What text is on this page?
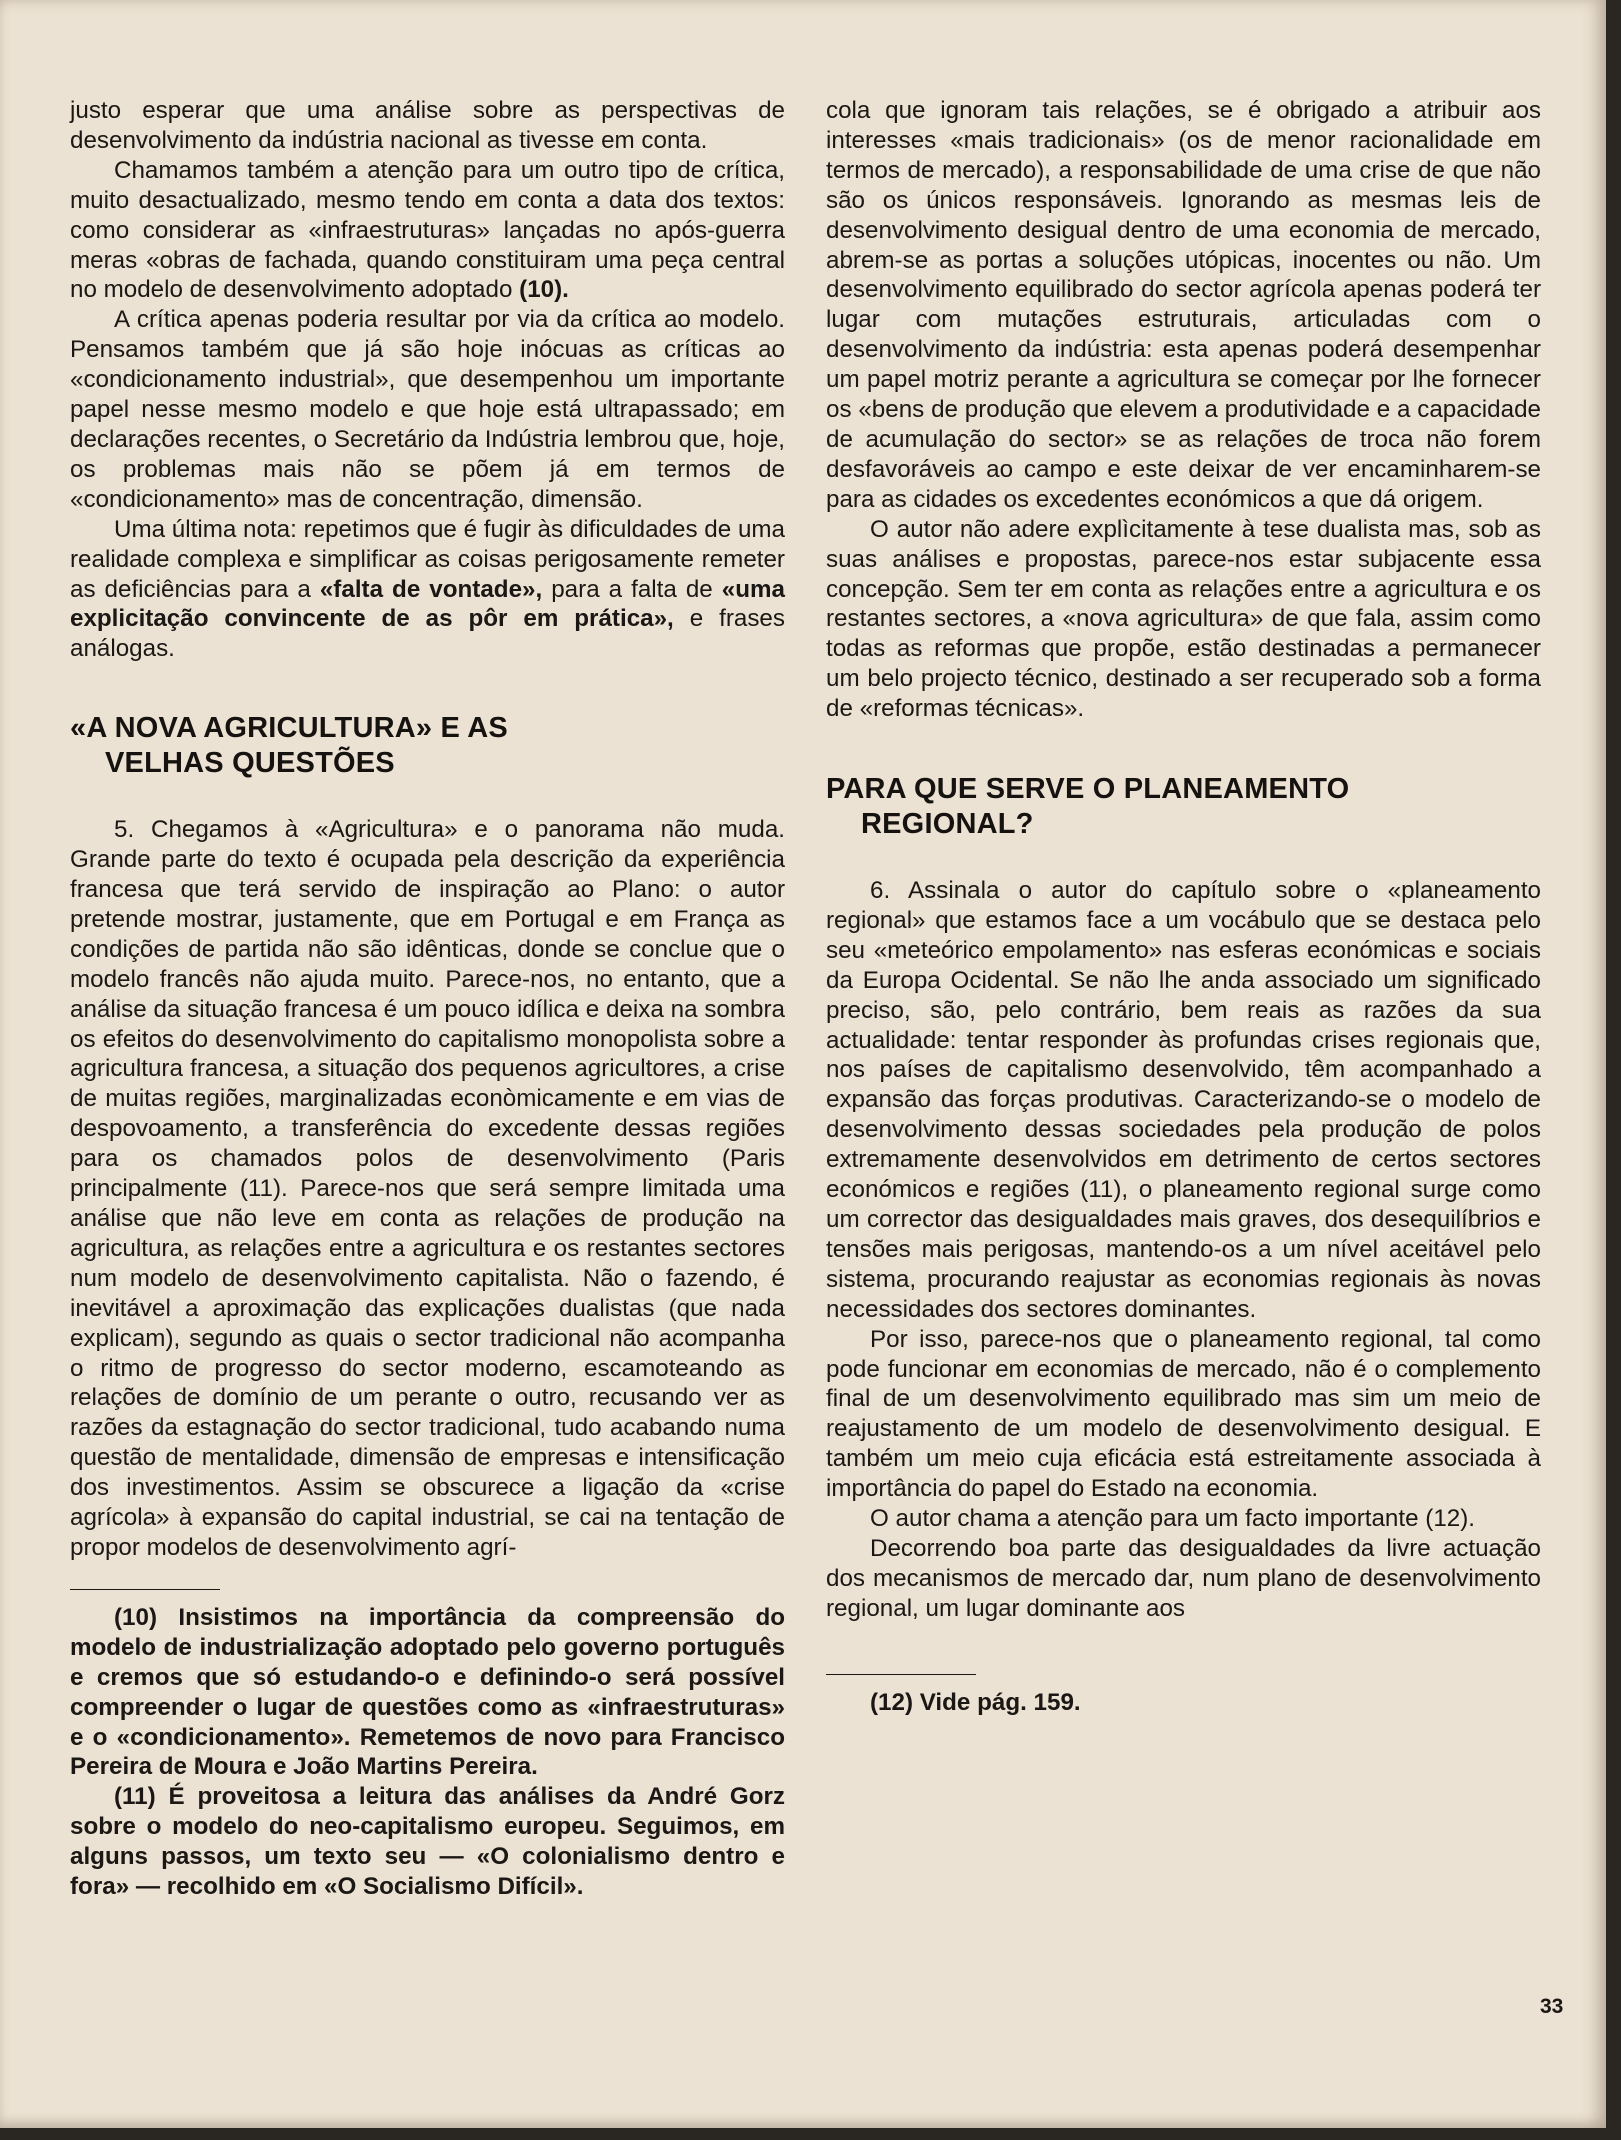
justo esperar que uma análise sobre as perspectivas de desenvolvimento da indústria nacional as tivesse em conta.

Chamamos também a atenção para um outro tipo de crítica, muito desactualizado, mesmo tendo em conta a data dos textos: como considerar as «infraestruturas» lançadas no após-guerra meras «obras de fachada, quando constituiram uma peça central no modelo de desenvolvimento adoptado (10).

A crítica apenas poderia resultar por via da crítica ao modelo. Pensamos também que já são hoje inócuas as críticas ao «condicionamento industrial», que desempenhou um importante papel nesse mesmo modelo e que hoje está ultrapassado; em declarações recentes, o Secretário da Indústria lembrou que, hoje, os problemas mais não se põem já em termos de «condicionamento» mas de concentração, dimensão.

Uma última nota: repetimos que é fugir às dificuldades de uma realidade complexa e simplificar as coisas perigosamente remeter as deficiências para a «falta de vontade», para a falta de «uma explicitação convincente de as pôr em prática», e frases análogas.

«A NOVA AGRICULTURA» E AS
VELHAS QUESTÕES

5. Chegamos à «Agricultura» e o panorama não muda. Grande parte do texto é ocupada pela descrição da experiência francesa que terá servido de inspiração ao Plano: o autor pretende mostrar, justamente, que em Portugal e em França as condições de partida não são idênticas, donde se conclue que o modelo francês não ajuda muito. Parece-nos, no entanto, que a análise da situação francesa é um pouco idílica e deixa na sombra os efeitos do desenvolvimento do capitalismo monopolista sobre a agricultura francesa, a situação dos pequenos agricultores, a crise de muitas regiões, marginalizadas econòmicamente e em vias de despovoamento, a transferência do excedente dessas regiões para os chamados polos de desenvolvimento (Paris principalmente (11). Parece-nos que será sempre limitada uma análise que não leve em conta as relações de produção na agricultura, as relações entre a agricultura e os restantes sectores num modelo de desenvolvimento capitalista. Não o fazendo, é inevitável a aproximação das explicações dualistas (que nada explicam), segundo as quais o sector tradicional não acompanha o ritmo de progresso do sector moderno, escamoteando as relações de domínio de um perante o outro, recusando ver as razões da estagnação do sector tradicional, tudo acabando numa questão de mentalidade, dimensão de empresas e intensificação dos investimentos. Assim se obscurece a ligação da «crise agrícola» à expansão do capital industrial, se cai na tentação de propor modelos de desenvolvimento agrí-

(10) Insistimos na importância da compreensão do modelo de industrialização adoptado pelo governo português e cremos que só estudando-o e definindo-o será possível compreender o lugar de questões como as «infraestruturas» e o «condicionamento». Remetemos de novo para Francisco Pereira de Moura e João Martins Pereira.

(11) É proveitosa a leitura das análises da André Gorz sobre o modelo do neo-capitalismo europeu. Seguimos, em alguns passos, um texto seu — «O colonialismo dentro e fora» — recolhido em «O Socialismo Difícil».

cola que ignoram tais relações, se é obrigado a atribuir aos interesses «mais tradicionais» (os de menor racionalidade em termos de mercado), a responsabilidade de uma crise de que não são os únicos responsáveis. Ignorando as mesmas leis de desenvolvimento desigual dentro de uma economia de mercado, abrem-se as portas a soluções utópicas, inocentes ou não. Um desenvolvimento equilibrado do sector agrícola apenas poderá ter lugar com mutações estruturais, articuladas com o desenvolvimento da indústria: esta apenas poderá desempenhar um papel motriz perante a agricultura se começar por lhe fornecer os «bens de produção que elevem a produtividade e a capacidade de acumulação do sector» se as relações de troca não forem desfavoráveis ao campo e este deixar de ver encaminharem-se para as cidades os excedentes económicos a que dá origem.

O autor não adere explìcitamente à tese dualista mas, sob as suas análises e propostas, parece-nos estar subjacente essa concepção. Sem ter em conta as relações entre a agricultura e os restantes sectores, a «nova agricultura» de que fala, assim como todas as reformas que propõe, estão destinadas a permanecer um belo projecto técnico, destinado a ser recuperado sob a forma de «reformas técnicas».

PARA QUE SERVE O PLANEAMENTO
REGIONAL?

6. Assinala o autor do capítulo sobre o «planeamento regional» que estamos face a um vocábulo que se destaca pelo seu «meteórico empolamento» nas esferas económicas e sociais da Europa Ocidental. Se não lhe anda associado um significado preciso, são, pelo contrário, bem reais as razões da sua actualidade: tentar responder às profundas crises regionais que, nos países de capitalismo desenvolvido, têm acompanhado a expansão das forças produtivas. Caracterizando-se o modelo de desenvolvimento dessas sociedades pela produção de polos extremamente desenvolvidos em detrimento de certos sectores económicos e regiões (11), o planeamento regional surge como um corrector das desigualdades mais graves, dos desequilíbrios e tensões mais perigosas, mantendo-os a um nível aceitável pelo sistema, procurando reajustar as economias regionais às novas necessidades dos sectores dominantes.

Por isso, parece-nos que o planeamento regional, tal como pode funcionar em economias de mercado, não é o complemento final de um desenvolvimento equilibrado mas sim um meio de reajustamento de um modelo de desenvolvimento desigual. E também um meio cuja eficácia está estreitamente associada à importância do papel do Estado na economia.

O autor chama a atenção para um facto importante (12).

Decorrendo boa parte das desigualdades da livre actuação dos mecanismos de mercado dar, num plano de desenvolvimento regional, um lugar dominante aos

(12) Vide pág. 159.

33
